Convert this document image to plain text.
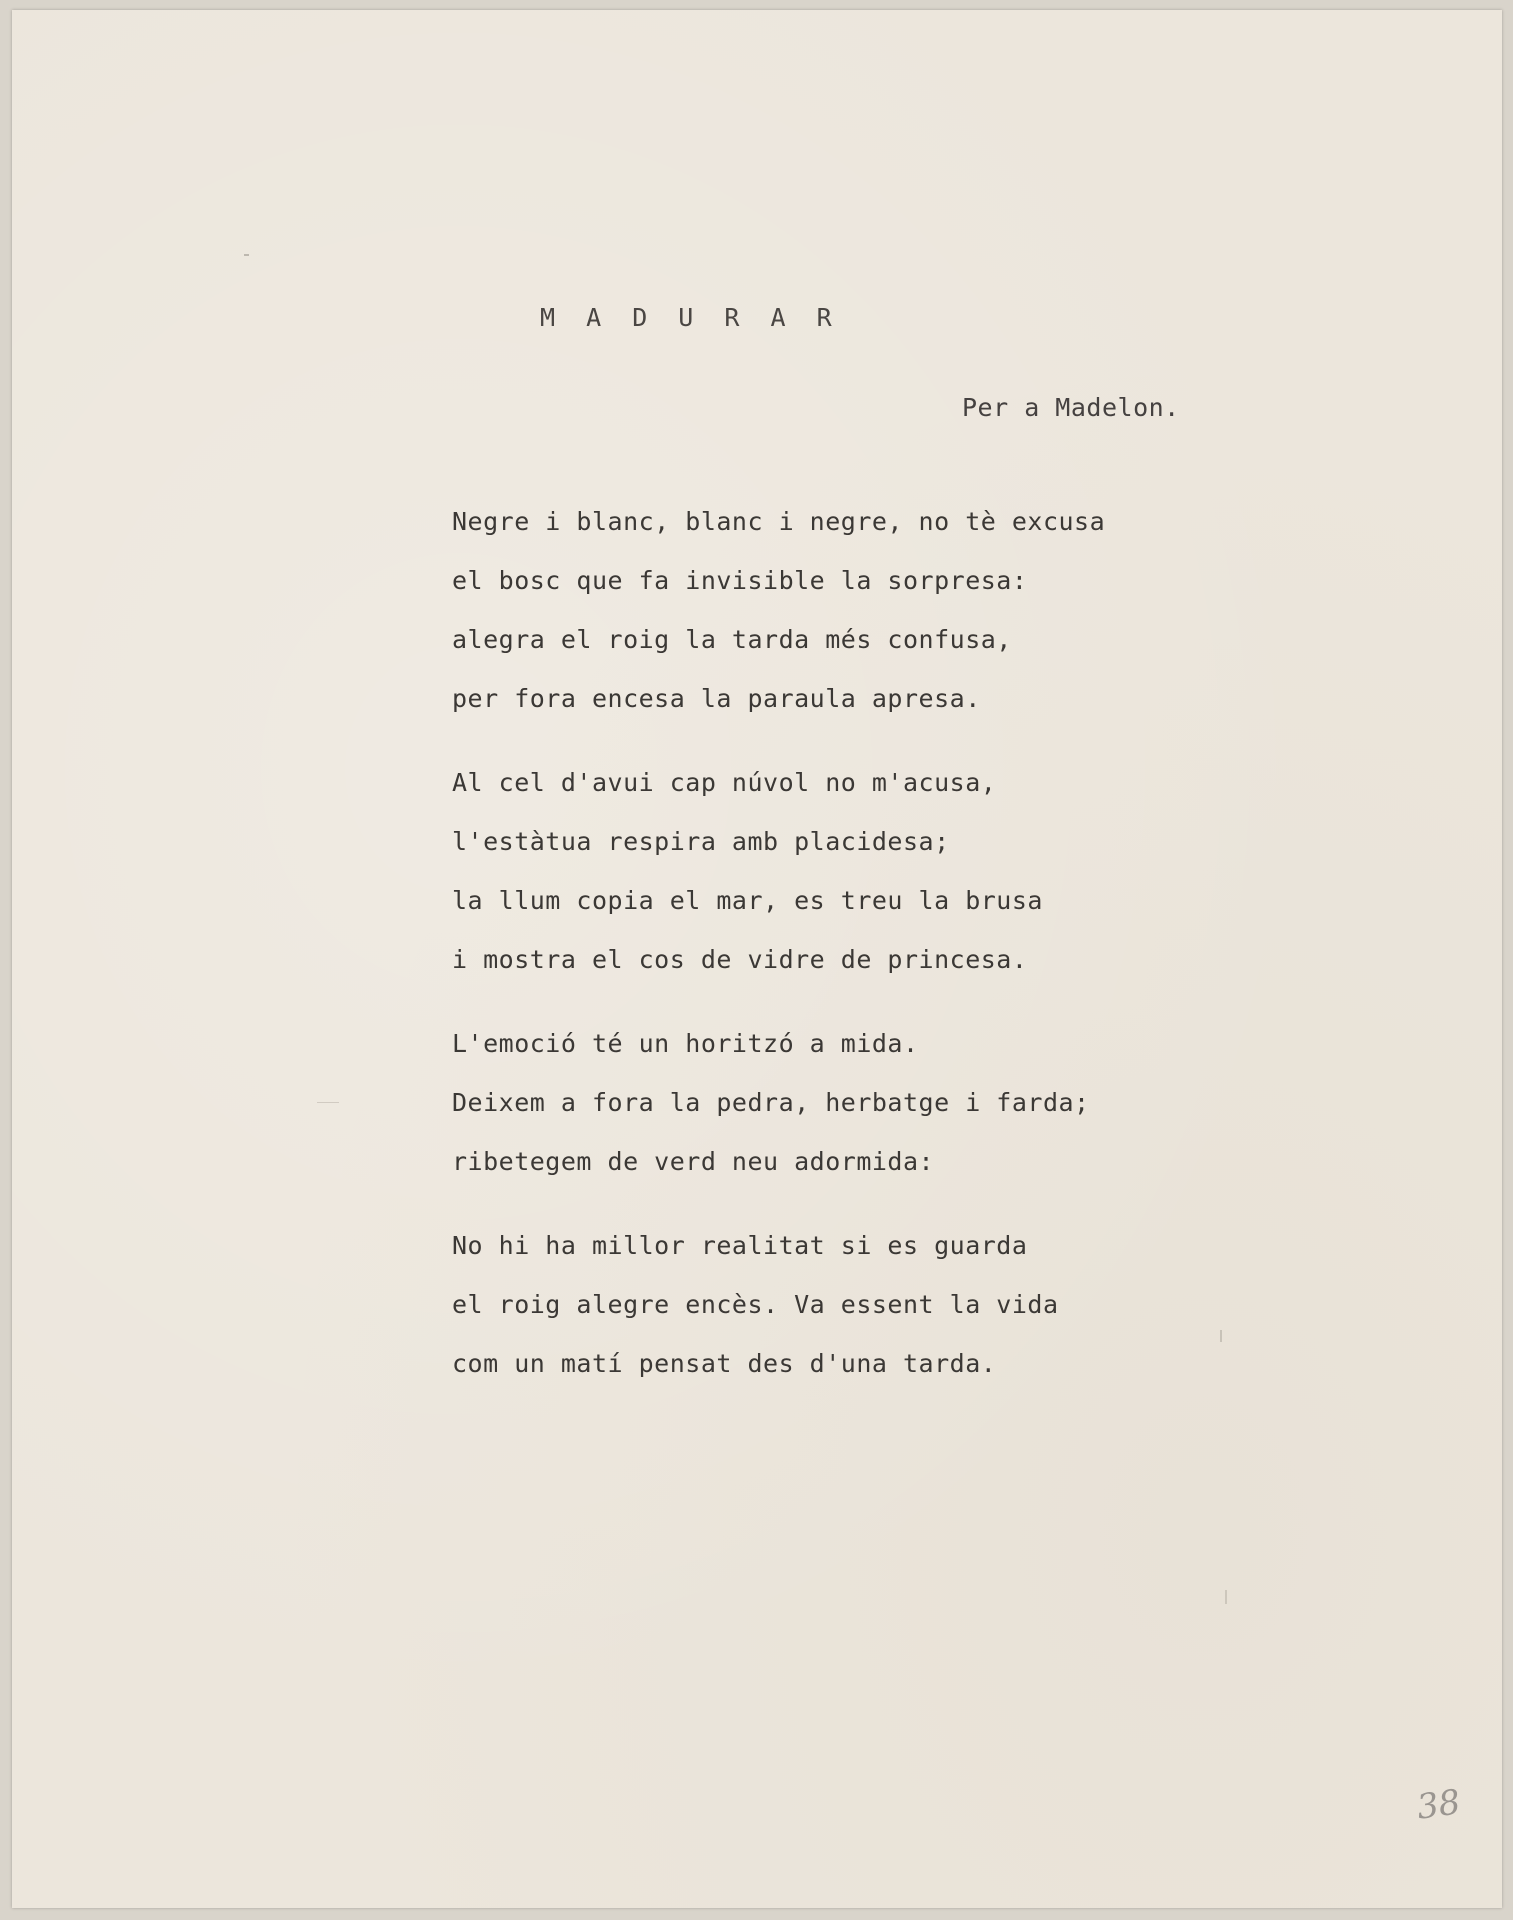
M A D U R A R
Per a Madelon.
Negre i blanc, blanc i negre, no tè excusa
el bosc que fa invisible la sorpresa:
alegra el roig la tarda més confusa,
per fora encesa la paraula apresa.
Al cel d'avui cap núvol no m'acusa,
l'estàtua respira amb placidesa;
la llum copia el mar, es treu la brusa
i mostra el cos de vidre de princesa.
L'emoció té un horitzó a mida.
Deixem a fora la pedra, herbatge i farda;
ribetegem de verd neu adormida:
No hi ha millor realitat si es guarda
el roig alegre encès. Va essent la vida
com un matí pensat des d'una tarda.
38
